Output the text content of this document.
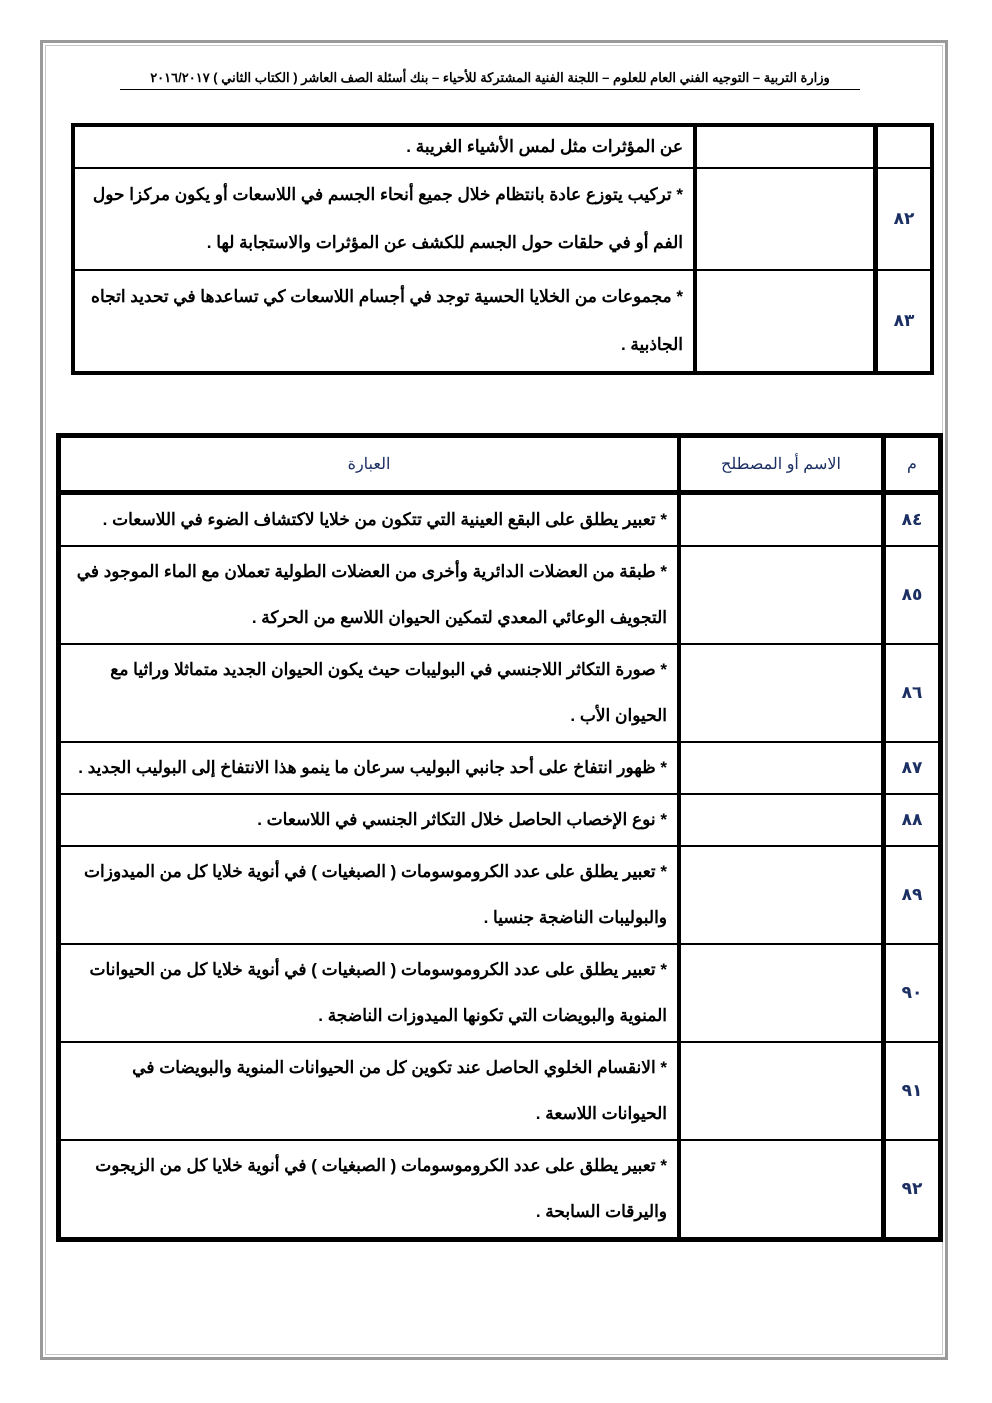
وزارة التربية – التوجيه الفني العام للعلوم – اللجنة الفنية المشتركة للأحياء – بنك أسئلة الصف العاشر ( الكتاب الثاني ) ٢٠١٦/٢٠١٧
		عن المؤثرات مثل لمس الأشياء الغريبة .
٨٢		* تركيب يتوزع عادة بانتظام خلال جميع أنحاء الجسم في اللاسعات أو يكون مركزا حول الفم أو في حلقات حول الجسم للكشف عن المؤثرات والاستجابة لها .
٨٣		* مجموعات من الخلايا الحسية توجد في أجسام اللاسعات كي تساعدها في تحديد اتجاه الجاذبية .
م	الاسم أو المصطلح	العبارة
٨٤		* تعبير يطلق على البقع العينية التي تتكون من خلايا لاكتشاف الضوء في اللاسعات .
٨٥		* طبقة من العضلات الدائرية وأخرى من العضلات الطولية تعملان مع الماء الموجود في التجويف الوعائي المعدي لتمكين الحيوان اللاسع من الحركة .
٨٦		* صورة التكاثر اللاجنسي في البوليبات حيث يكون الحيوان الجديد متماثلا وراثيا مع الحيوان الأب .
٨٧		* ظهور انتفاخ على أحد جانبي البوليب سرعان ما ينمو هذا الانتفاخ إلى البوليب الجديد .
٨٨		* نوع الإخصاب الحاصل خلال التكاثر الجنسي في اللاسعات .
٨٩		* تعبير يطلق على عدد الكروموسومات ( الصبغيات ) في أنوية خلايا كل من الميدوزات والبوليبات الناضجة جنسيا .
٩٠		* تعبير يطلق على عدد الكروموسومات ( الصبغيات ) في أنوية خلايا كل من الحيوانات المنوية والبويضات التي تكونها الميدوزات الناضجة .
٩١		* الانقسام الخلوي الحاصل عند تكوين كل من الحيوانات المنوية والبويضات في الحيوانات اللاسعة .
٩٢		* تعبير يطلق على عدد الكروموسومات ( الصبغيات ) في أنوية خلايا كل من الزيجوت واليرقات السابحة .
